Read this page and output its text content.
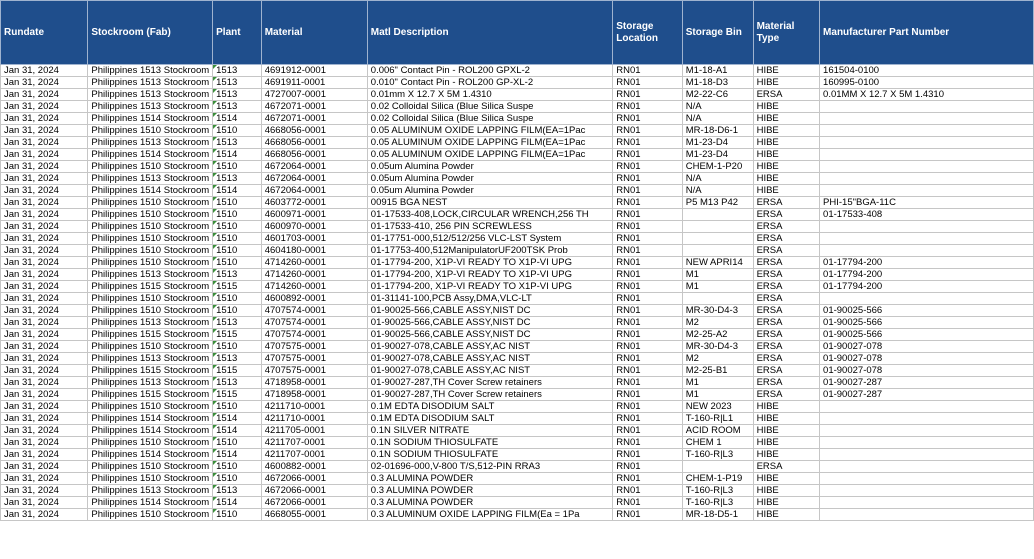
Rundate	Stockroom (Fab)	Plant	Material	Matl Description	Storage Location	Storage Bin	Material Type	Manufacturer Part Number
Jan 31, 2024	Philippines 1513 Stockroom	1513	4691912-0001	0.006" Contact Pin - ROL200 GPXL-2	RN01	M1-18-A1	HIBE	161504-0100
Jan 31, 2024	Philippines 1513 Stockroom	1513	4691911-0001	0.010" Contact Pin - ROL200 GP-XL-2	RN01	M1-18-D3	HIBE	160995-0100
Jan 31, 2024	Philippines 1513 Stockroom	1513	4727007-0001	0.01mm X 12.7 X 5M 1.4310	RN01	M2-22-C6	ERSA	0.01MM X 12.7 X 5M 1.4310
Jan 31, 2024	Philippines 1513 Stockroom	1513	4672071-0001	0.02 Colloidal Silica (Blue Silica Suspe	RN01	N/A	HIBE	
Jan 31, 2024	Philippines 1514 Stockroom	1514	4672071-0001	0.02 Colloidal Silica (Blue Silica Suspe	RN01	N/A	HIBE	
Jan 31, 2024	Philippines 1510 Stockroom	1510	4668056-0001	0.05 ALUMINUM OXIDE LAPPING FILM(EA=1Pac	RN01	MR-18-D6-1	HIBE	
Jan 31, 2024	Philippines 1513 Stockroom	1513	4668056-0001	0.05 ALUMINUM OXIDE LAPPING FILM(EA=1Pac	RN01	M1-23-D4	HIBE	
Jan 31, 2024	Philippines 1514 Stockroom	1514	4668056-0001	0.05 ALUMINUM OXIDE LAPPING FILM(EA=1Pac	RN01	M1-23-D4	HIBE	
Jan 31, 2024	Philippines 1510 Stockroom	1510	4672064-0001	0.05um Alumina Powder	RN01	CHEM-1-P20	HIBE	
Jan 31, 2024	Philippines 1513 Stockroom	1513	4672064-0001	0.05um Alumina Powder	RN01	N/A	HIBE	
Jan 31, 2024	Philippines 1514 Stockroom	1514	4672064-0001	0.05um Alumina Powder	RN01	N/A	HIBE	
Jan 31, 2024	Philippines 1510 Stockroom	1510	4603772-0001	00915 BGA NEST	RN01	P5 M13 P42	ERSA	PHI-15"BGA-11C
Jan 31, 2024	Philippines 1510 Stockroom	1510	4600971-0001	01-17533-408,LOCK,CIRCULAR WRENCH,256 TH	RN01		ERSA	01-17533-408
Jan 31, 2024	Philippines 1510 Stockroom	1510	4600970-0001	01-17533-410, 256 PIN SCREWLESS	RN01		ERSA	
Jan 31, 2024	Philippines 1510 Stockroom	1510	4601703-0001	01-17751-000,512/512/256 VLC-LST System	RN01		ERSA	
Jan 31, 2024	Philippines 1510 Stockroom	1510	4604180-0001	01-17753-400,512ManipulatorUF200TSK Prob	RN01		ERSA	
Jan 31, 2024	Philippines 1510 Stockroom	1510	4714260-0001	01-17794-200, X1P-VI READY TO X1P-VI UPG	RN01	NEW APRI14	ERSA	01-17794-200
Jan 31, 2024	Philippines 1513 Stockroom	1513	4714260-0001	01-17794-200, X1P-VI READY TO X1P-VI UPG	RN01	M1	ERSA	01-17794-200
Jan 31, 2024	Philippines 1515 Stockroom	1515	4714260-0001	01-17794-200, X1P-VI READY TO X1P-VI UPG	RN01	M1	ERSA	01-17794-200
Jan 31, 2024	Philippines 1510 Stockroom	1510	4600892-0001	01-31141-100,PCB Assy,DMA,VLC-LT	RN01		ERSA	
Jan 31, 2024	Philippines 1510 Stockroom	1510	4707574-0001	01-90025-566,CABLE ASSY,NIST DC	RN01	MR-30-D4-3	ERSA	01-90025-566
Jan 31, 2024	Philippines 1513 Stockroom	1513	4707574-0001	01-90025-566,CABLE ASSY,NIST DC	RN01	M2	ERSA	01-90025-566
Jan 31, 2024	Philippines 1515 Stockroom	1515	4707574-0001	01-90025-566,CABLE ASSY,NIST DC	RN01	M2-25-A2	ERSA	01-90025-566
Jan 31, 2024	Philippines 1510 Stockroom	1510	4707575-0001	01-90027-078,CABLE ASSY,AC NIST	RN01	MR-30-D4-3	ERSA	01-90027-078
Jan 31, 2024	Philippines 1513 Stockroom	1513	4707575-0001	01-90027-078,CABLE ASSY,AC NIST	RN01	M2	ERSA	01-90027-078
Jan 31, 2024	Philippines 1515 Stockroom	1515	4707575-0001	01-90027-078,CABLE ASSY,AC NIST	RN01	M2-25-B1	ERSA	01-90027-078
Jan 31, 2024	Philippines 1513 Stockroom	1513	4718958-0001	01-90027-287,TH Cover Screw retainers	RN01	M1	ERSA	01-90027-287
Jan 31, 2024	Philippines 1515 Stockroom	1515	4718958-0001	01-90027-287,TH Cover Screw retainers	RN01	M1	ERSA	01-90027-287
Jan 31, 2024	Philippines 1510 Stockroom	1510	4211710-0001	0.1M EDTA DISODIUM SALT	RN01	NEW 2023	HIBE	
Jan 31, 2024	Philippines 1514 Stockroom	1514	4211710-0001	0.1M EDTA DISODIUM SALT	RN01	T-160-R|L1	HIBE	
Jan 31, 2024	Philippines 1514 Stockroom	1514	4211705-0001	0.1N SILVER NITRATE	RN01	ACID ROOM	HIBE	
Jan 31, 2024	Philippines 1510 Stockroom	1510	4211707-0001	0.1N SODIUM THIOSULFATE	RN01	CHEM 1	HIBE	
Jan 31, 2024	Philippines 1514 Stockroom	1514	4211707-0001	0.1N SODIUM THIOSULFATE	RN01	T-160-R|L3	HIBE	
Jan 31, 2024	Philippines 1510 Stockroom	1510	4600882-0001	02-01696-000,V-800 T/S,512-PIN RRA3	RN01		ERSA	
Jan 31, 2024	Philippines 1510 Stockroom	1510	4672066-0001	0.3 ALUMINA POWDER	RN01	CHEM-1-P19	HIBE	
Jan 31, 2024	Philippines 1513 Stockroom	1513	4672066-0001	0.3 ALUMINA POWDER	RN01	T-160-R|L3	HIBE	
Jan 31, 2024	Philippines 1514 Stockroom	1514	4672066-0001	0.3 ALUMINA POWDER	RN01	T-160-R|L3	HIBE	
Jan 31, 2024	Philippines 1510 Stockroom	1510	4668055-0001	0.3 ALUMINUM OXIDE LAPPING FILM(Ea = 1Pa	RN01	MR-18-D5-1	HIBE	
